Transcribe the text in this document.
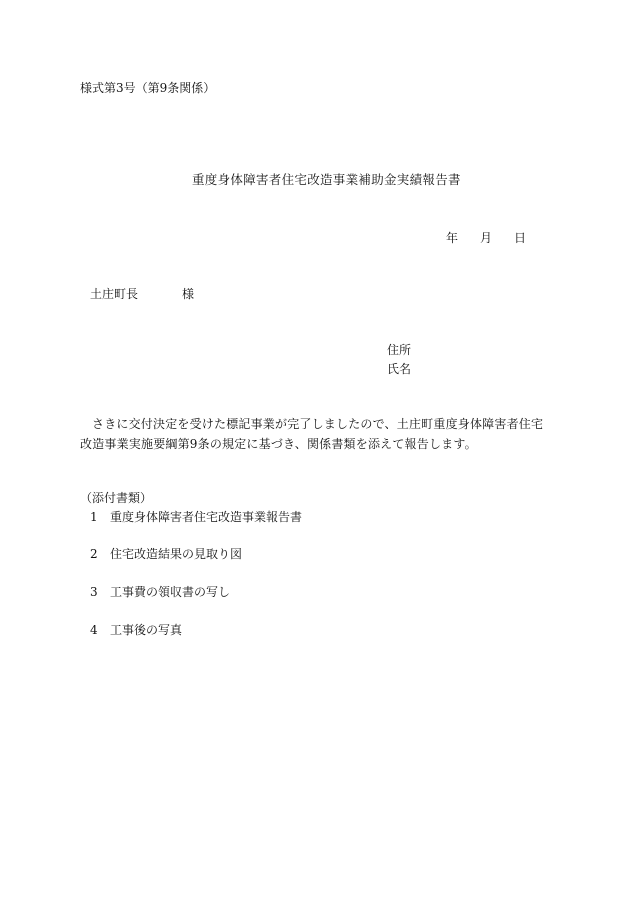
様式第3号（第9条関係）
重度身体障害者住宅改造事業補助金実績報告書
年 月 日
土庄町長	様
住所
氏名
さきに交付決定を受けた標記事業が完了しましたので、土庄町重度身体障害者住宅改造事業実施要綱第9条の規定に基づき、関係書類を添えて報告します。
（添付書類）
1 重度身体障害者住宅改造事業報告書
2 住宅改造結果の見取り図
3 工事費の領収書の写し
4 工事後の写真
